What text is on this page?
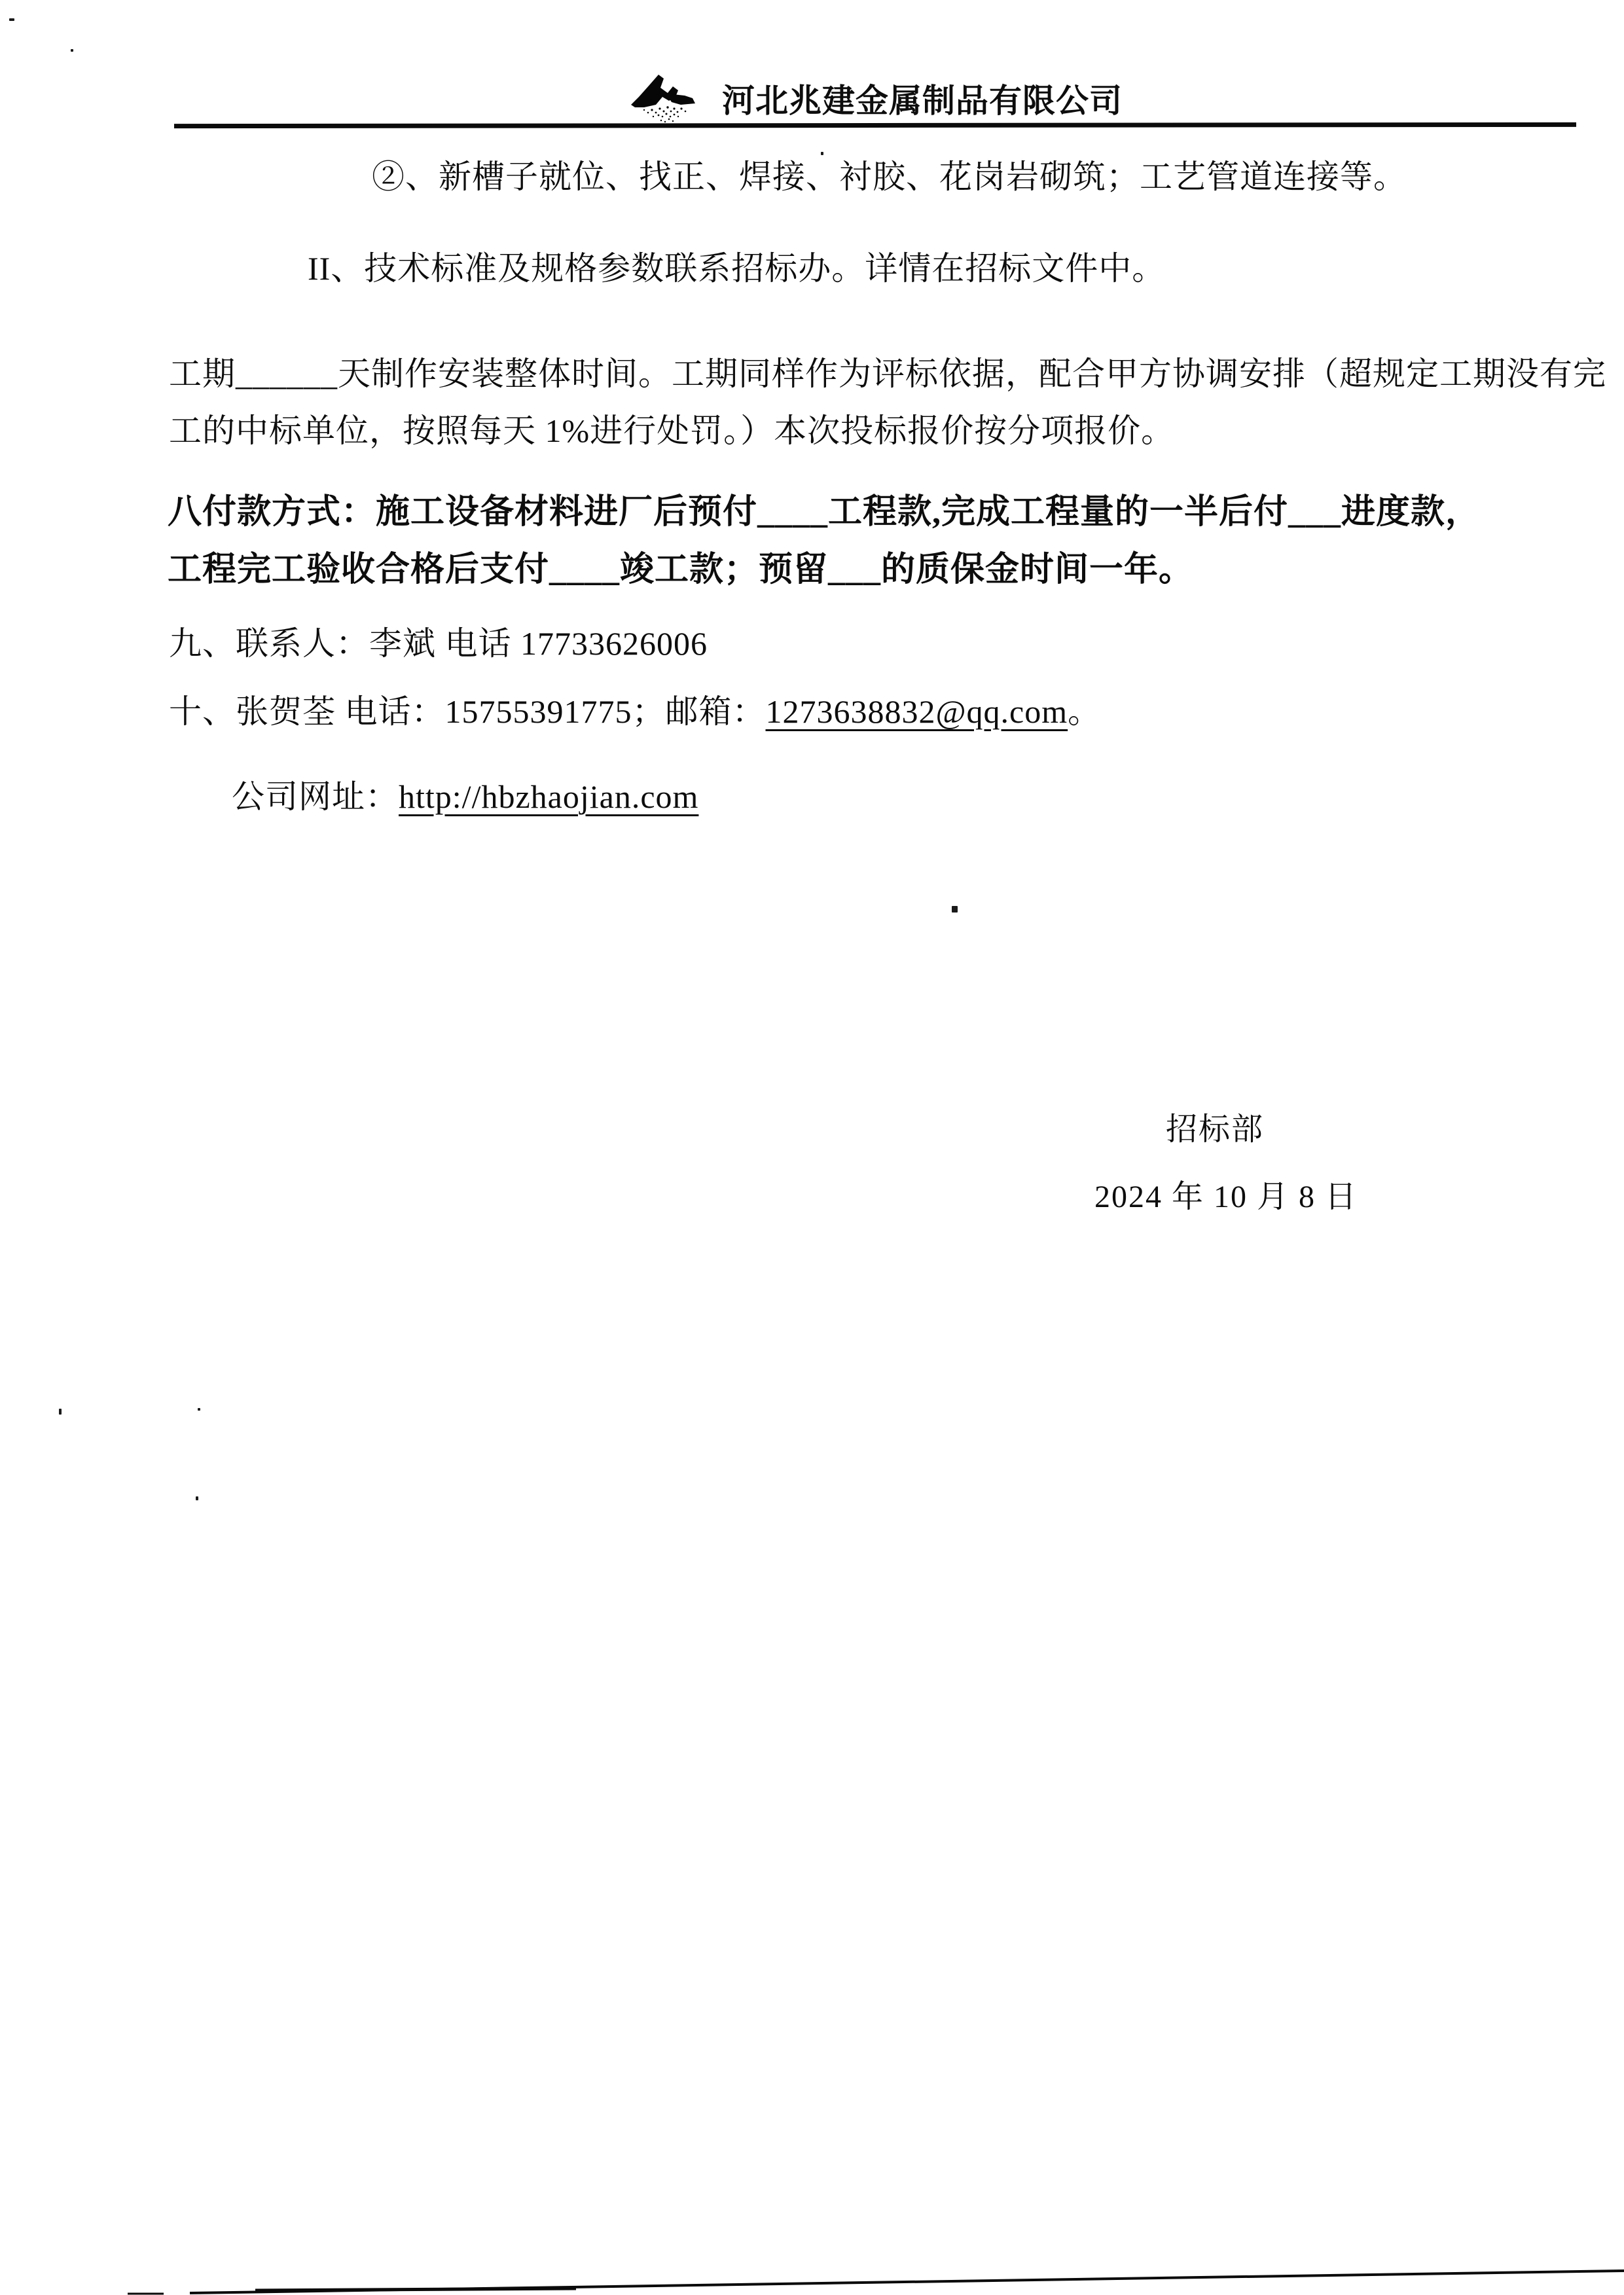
河北兆建金属制品有限公司
②、新槽子就位、找正、焊接、衬胶、花岗岩砌筑；工艺管道连接等。
II、技术标准及规格参数联系招标办。详情在招标文件中。
工期______天制作安装整体时间。工期同样作为评标依据，配合甲方协调安排（超规定工期没有完
工的中标单位，按照每天 1%进行处罚。）本次投标报价按分项报价。
八付款方式：施工设备材料进厂后预付____工程款,完成工程量的一半后付___进度款，
工程完工验收合格后支付____竣工款；预留___的质保金时间一年。
九、联系人：李斌 电话 17733626006
十、张贺荃 电话：15755391775；邮箱：1273638832@qq.com。
公司网址：http://hbzhaojian.com
招标部
2024 年 10 月 8 日
